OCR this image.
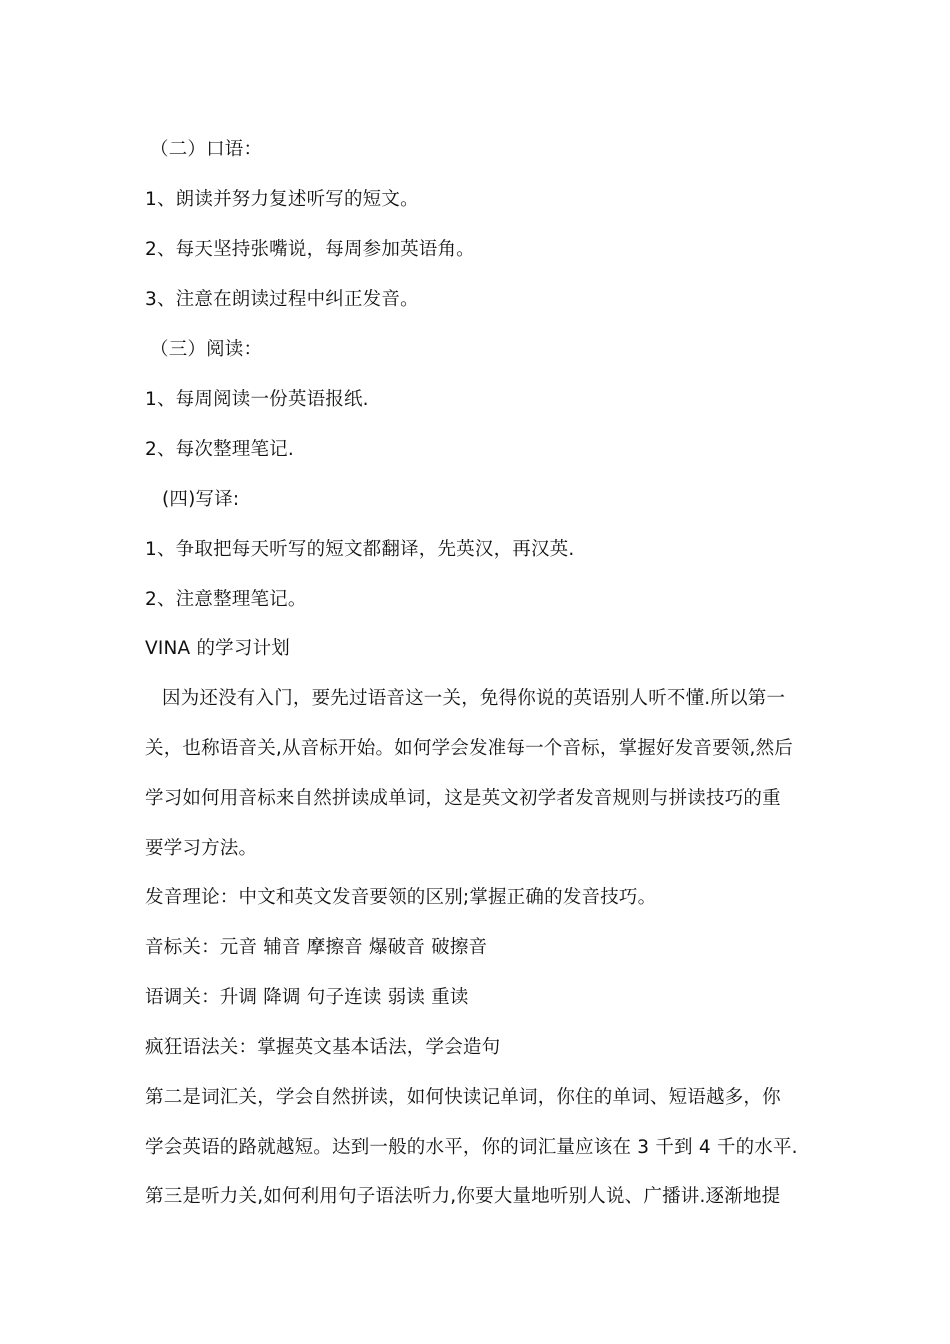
（二）口语：
1、朗读并努力复述听写的短文。
2、每天坚持张嘴说，每周参加英语角。
3、注意在朗读过程中纠正发音。
（三）阅读：
1、每周阅读一份英语报纸.
2、每次整理笔记.
(四)写译:
1、争取把每天听写的短文都翻译，先英汉，再汉英.
2、注意整理笔记。
VINA 的学习计划
因为还没有入门，要先过语音这一关，免得你说的英语别人听不懂.所以第一
关，也称语音关,从音标开始。如何学会发准每一个音标，掌握好发音要领,然后
学习如何用音标来自然拼读成单词，这是英文初学者发音规则与拼读技巧的重
要学习方法。
发音理论：中文和英文发音要领的区别;掌握正确的发音技巧。
音标关：元音 辅音 摩擦音 爆破音 破擦音
语调关：升调 降调 句子连读 弱读 重读
疯狂语法关：掌握英文基本话法，学会造句
第二是词汇关，学会自然拼读，如何快读记单词，你住的单词、短语越多，你
学会英语的路就越短。达到一般的水平，你的词汇量应该在 3 千到 4 千的水平.
第三是听力关,如何利用句子语法听力,你要大量地听别人说、广播讲.逐渐地提
